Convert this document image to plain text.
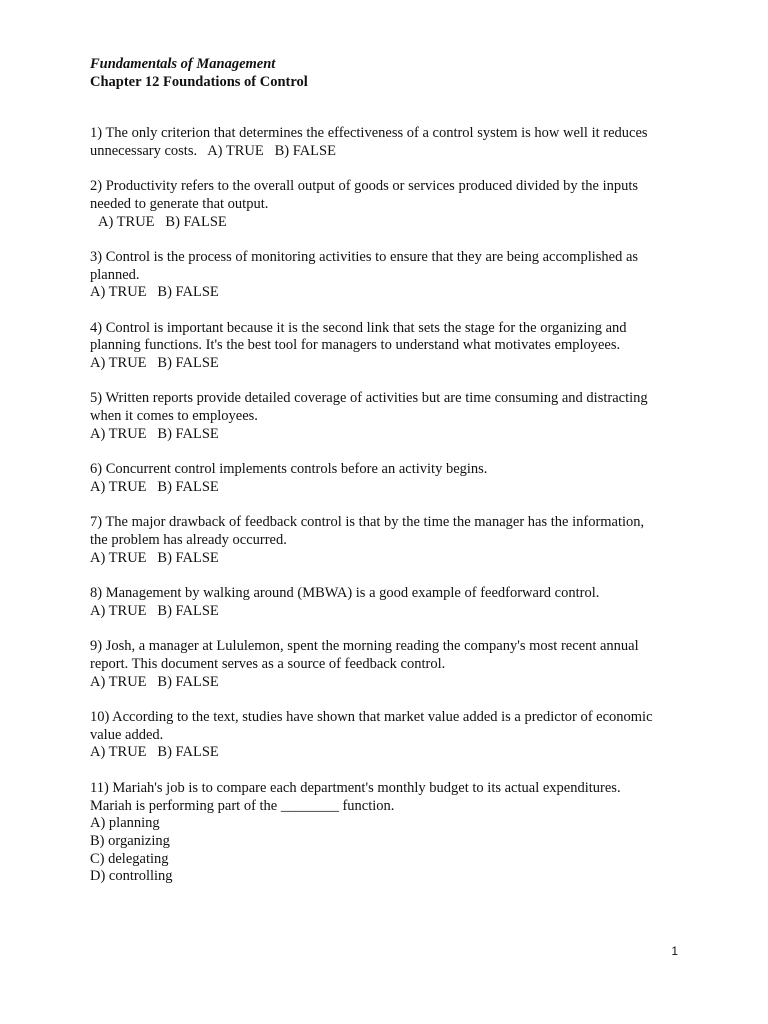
Fundamentals of Management

Chapter 12 Foundations of Control

1) The only criterion that determines the effectiveness of a control system is how well it reduces
unnecessary costs. A) TRUE   B) FALSE
2) Productivity refers to the overall output of goods or services produced divided by the inputs
needed to generate that output.
A) TRUE   B) FALSE
3) Control is the process of monitoring activities to ensure that they are being accomplished as
planned.
A) TRUE   B) FALSE
4) Control is important because it is the second link that sets the stage for the organizing and
planning functions. It's the best tool for managers to understand what motivates employees.
A) TRUE   B) FALSE
5) Written reports provide detailed coverage of activities but are time consuming and distracting
when it comes to employees.
A) TRUE   B) FALSE
6) Concurrent control implements controls before an activity begins.
A) TRUE   B) FALSE
7) The major drawback of feedback control is that by the time the manager has the information,
the problem has already occurred.
A) TRUE   B) FALSE
8) Management by walking around (MBWA) is a good example of feedforward control.
A) TRUE   B) FALSE
9) Josh, a manager at Lululemon, spent the morning reading the company's most recent annual
report. This document serves as a source of feedback control.
A) TRUE   B) FALSE
10) According to the text, studies have shown that market value added is a predictor of economic
value added.
A) TRUE   B) FALSE
11) Mariah's job is to compare each department's monthly budget to its actual expenditures.
Mariah is performing part of the ________ function.
A) planning
B) organizing
C) delegating
D) controlling
1
